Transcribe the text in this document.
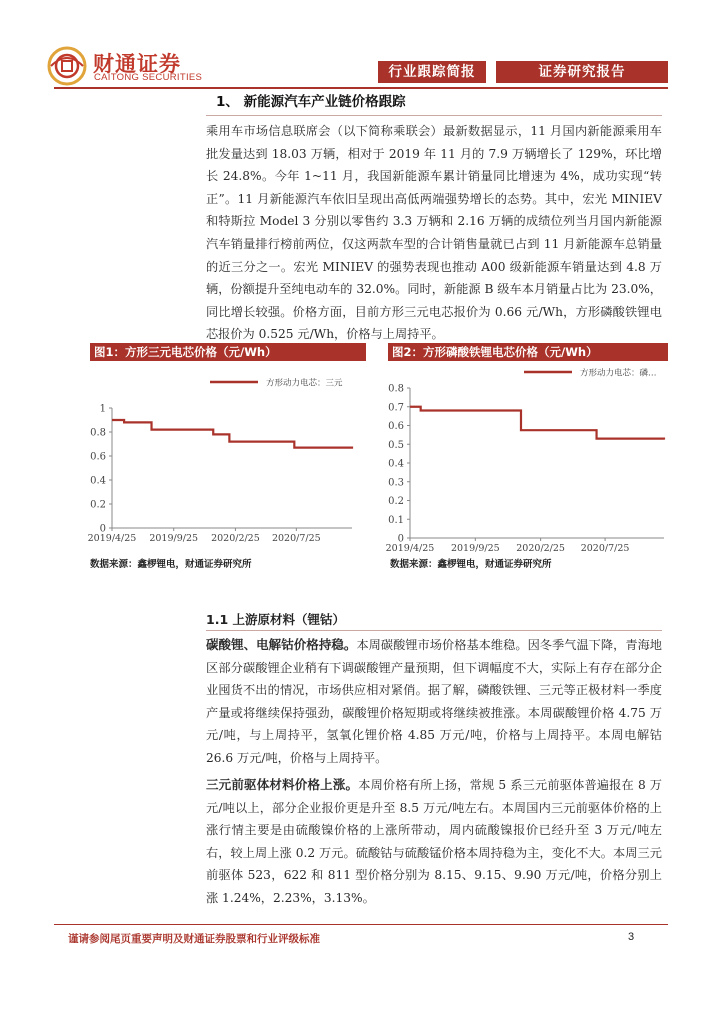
财通证券
CAITONG SECURITIES	行业跟踪简报	证券研究报告
1、 新能源汽车产业链价格跟踪
乘用车市场信息联席会（以下简称乘联会）最新数据显示，11 月国内新能源乘用车批发量达到 18.03 万辆，相对于 2019 年 11 月的 7.9 万辆增长了 129%，环比增长 24.8%。今年 1~11 月，我国新能源车累计销量同比增速为 4%，成功实现“转正”。11 月新能源汽车依旧呈现出高低两端强势增长的态势。其中，宏光 MINIEV 和特斯拉 Model 3 分别以零售约 3.3 万辆和 2.16 万辆的成绩位列当月国内新能源汽车销量排行榜前两位，仅这两款车型的合计销售量就已占到 11 月新能源车总销量的近三分之一。宏光 MINIEV 的强势表现也推动 A00 级新能源车销量达到 4.8 万辆，份额提升至纯电动车的 32.0%。同时，新能源 B 级车本月销量占比为 23.0%，同比增长较强。价格方面，目前方形三元电芯报价为 0.66 元/Wh，方形磷酸铁锂电芯报价为 0.525 元/Wh，价格与上周持平。
图1：方形三元电芯价格（元/Wh）
0
0.2
0.4
0.6
0.8
1
2019/4/25 2019/9/25 2020/2/25 2020/7/25
方形动力电芯：三元
数据来源：鑫椤锂电，财通证券研究所
图2：方形磷酸铁锂电芯价格（元/Wh）
0
0.1
0.2
0.3
0.4
0.5
0.6
0.7
0.8
2019/4/25 2019/9/25 2020/2/25 2020/7/25
方形动力电芯：磷…
数据来源：鑫椤锂电，财通证券研究所
1.1 上游原材料（锂钴）
碳酸锂、电解钴价格持稳。本周碳酸锂市场价格基本维稳。因冬季气温下降，青海地区部分碳酸锂企业稍有下调碳酸锂产量预期，但下调幅度不大，实际上有存在部分企业囤货不出的情况，市场供应相对紧俏。据了解，磷酸铁锂、三元等正极材料一季度产量或将继续保持强劲，碳酸锂价格短期或将继续被推涨。本周碳酸锂价格 4.75 万元/吨，与上周持平，氢氧化锂价格 4.85 万元/吨，价格与上周持平。本周电解钴 26.6 万元/吨，价格与上周持平。
三元前驱体材料价格上涨。本周价格有所上扬，常规 5 系三元前驱体普遍报在 8 万元/吨以上，部分企业报价更是升至 8.5 万元/吨左右。本周国内三元前驱体价格的上涨行情主要是由硫酸镍价格的上涨所带动，周内硫酸镍报价已经升至 3 万元/吨左右，较上周上涨 0.2 万元。硫酸钴与硫酸锰价格本周持稳为主，变化不大。本周三元前驱体 523，622 和 811 型价格分别为 8.15、9.15、9.90 万元/吨，价格分别上涨 1.24%，2.23%，3.13%。
谨请参阅尾页重要声明及财通证券股票和行业评级标准	3
